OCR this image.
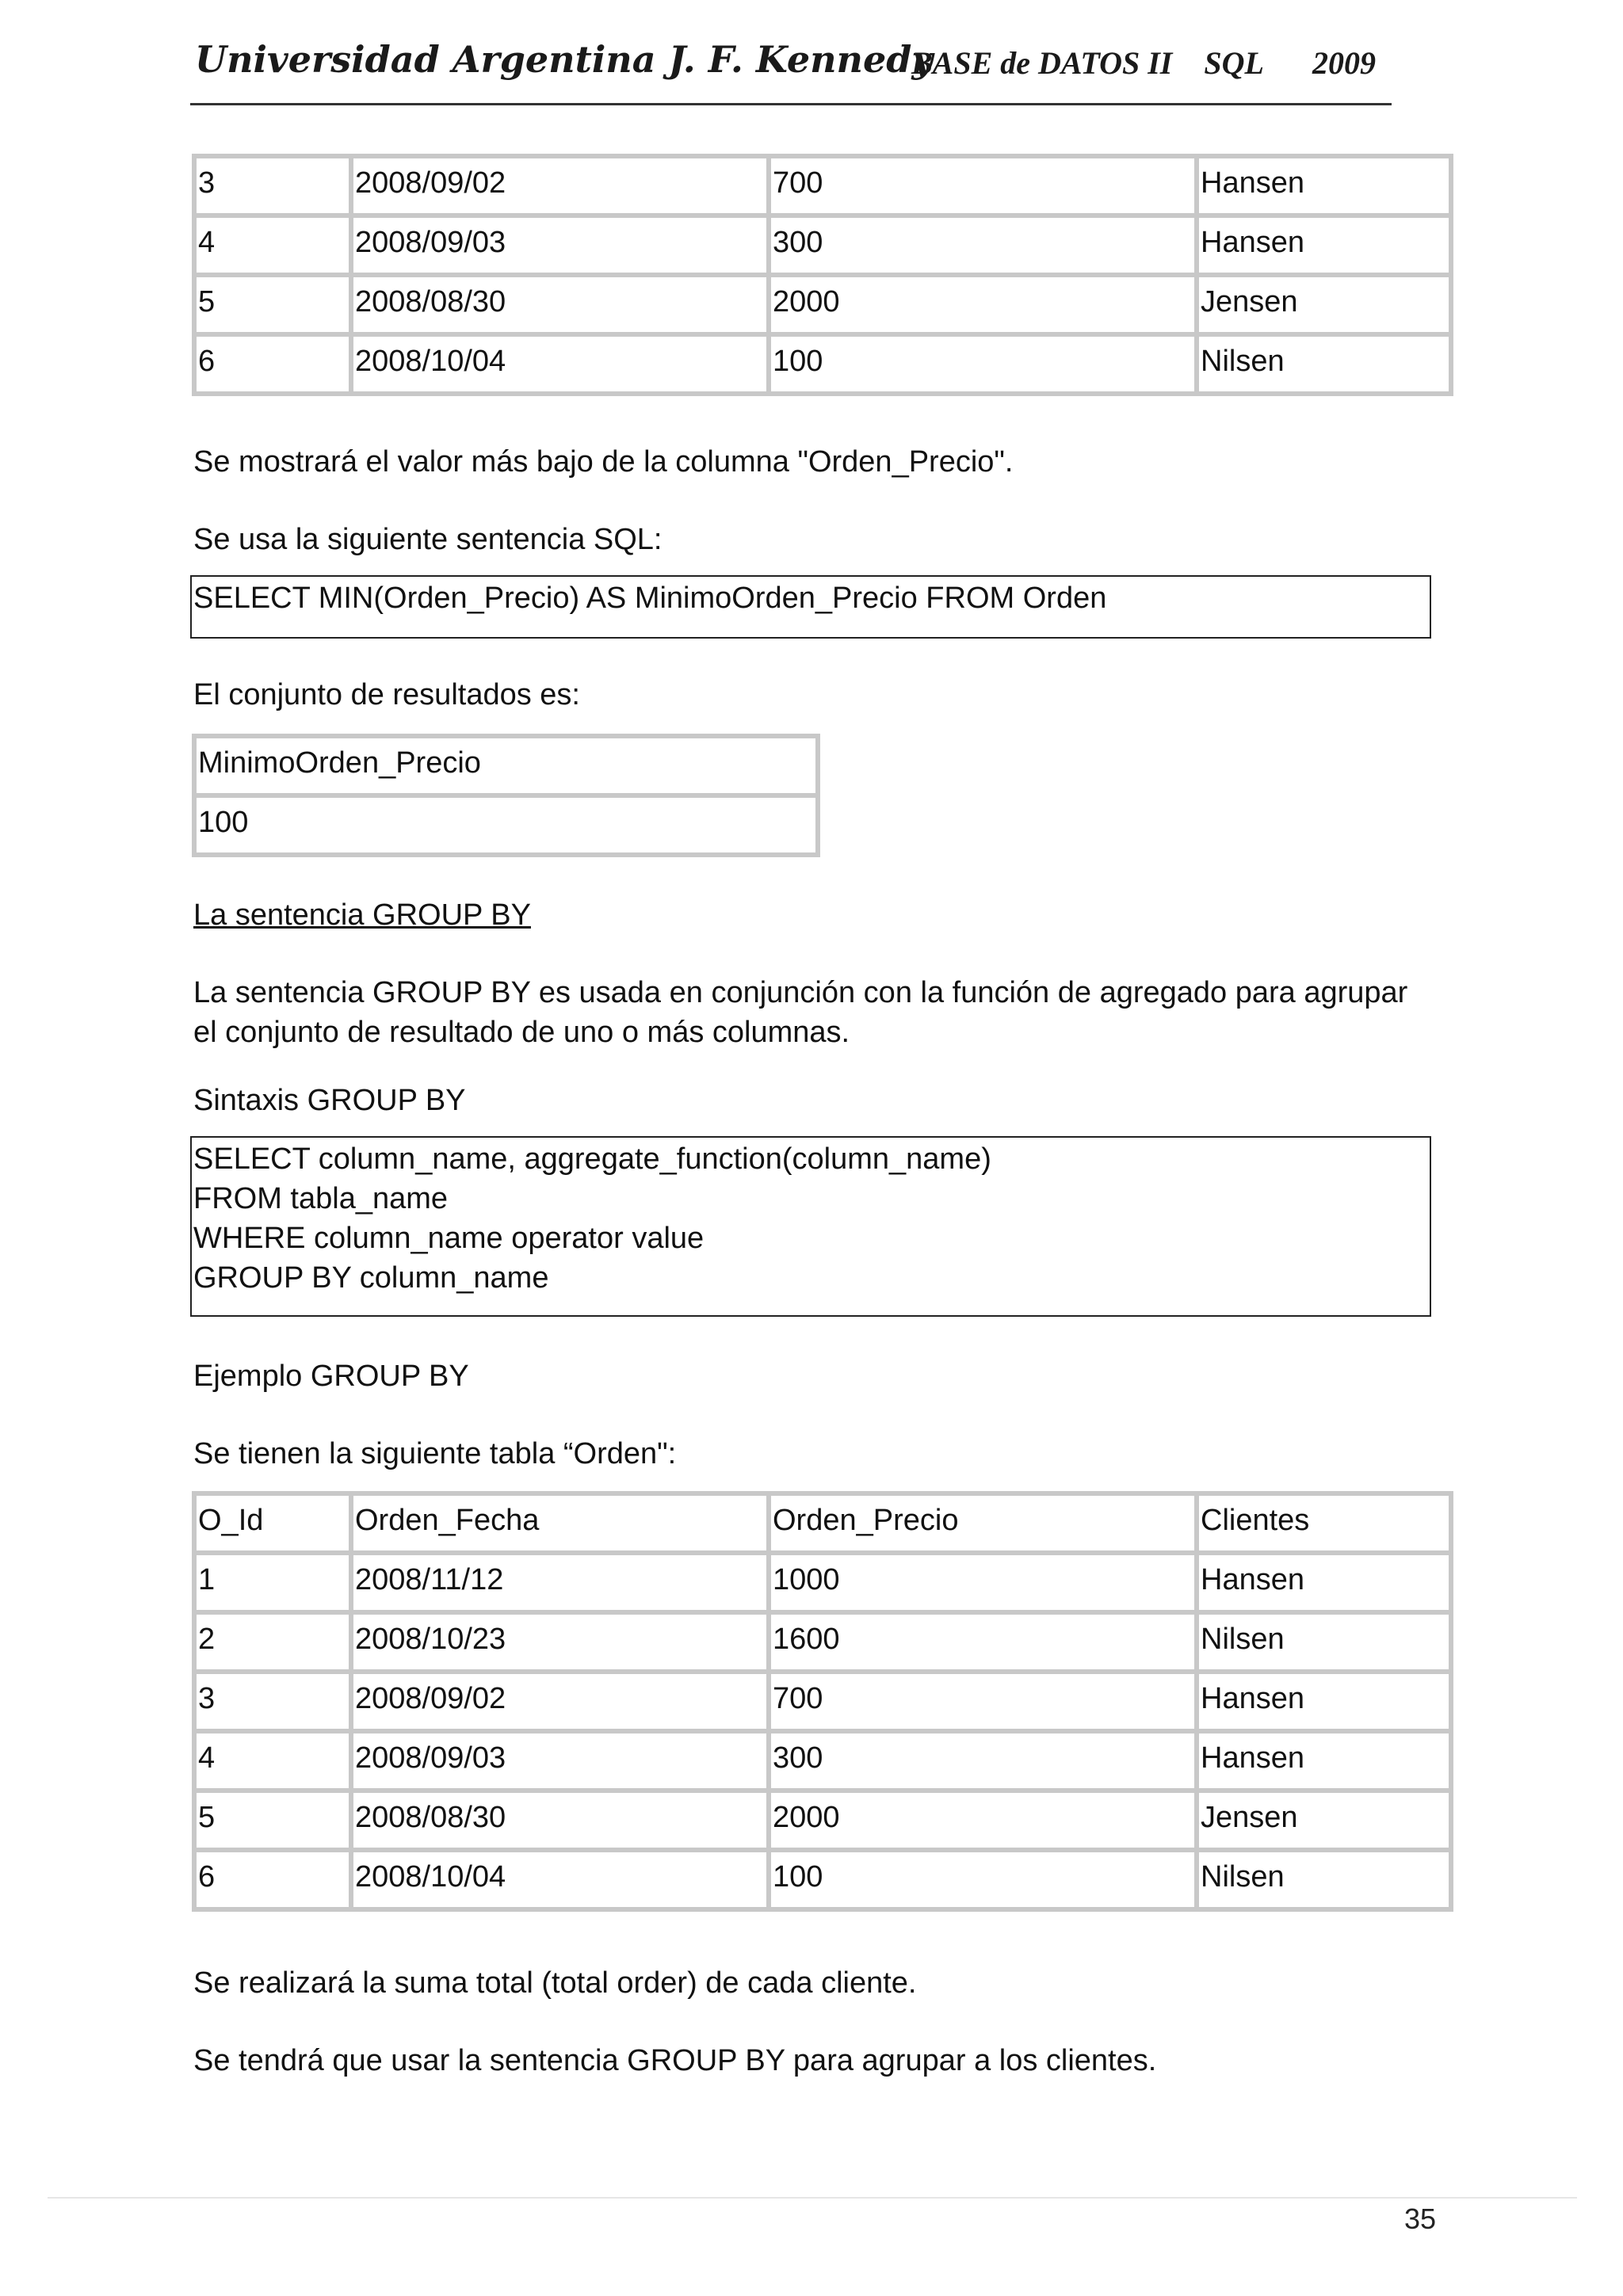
Universidad Argentina J. F. Kennedy
BASE de DATOS II    SQL 2009
3	2008/09/02	700	Hansen
4	2008/09/03	300	Hansen
5	2008/08/30	2000	Jensen
6	2008/10/04	100	Nilsen
Se mostrará el valor más bajo de la columna "Orden_Precio".
Se usa la siguiente sentencia SQL:
SELECT MIN(Orden_Precio) AS MinimoOrden_Precio FROM Orden
El conjunto de resultados es:
MinimoOrden_Precio
100
La sentencia GROUP BY
La sentencia GROUP BY es usada en conjunción con la función de agregado para agrupar el conjunto de resultado de uno o más columnas.
Sintaxis GROUP BY
SELECT column_name, aggregate_function(column_name)
FROM tabla_name
WHERE column_name operator value
GROUP BY column_name
Ejemplo GROUP BY
Se tienen la siguiente tabla “Orden":
O_Id	Orden_Fecha	Orden_Precio	Clientes
1	2008/11/12	1000	Hansen
2	2008/10/23	1600	Nilsen
3	2008/09/02	700	Hansen
4	2008/09/03	300	Hansen
5	2008/08/30	2000	Jensen
6	2008/10/04	100	Nilsen
Se realizará la suma total (total order) de cada cliente.
Se tendrá que usar la sentencia GROUP BY para agrupar a los clientes.
35
